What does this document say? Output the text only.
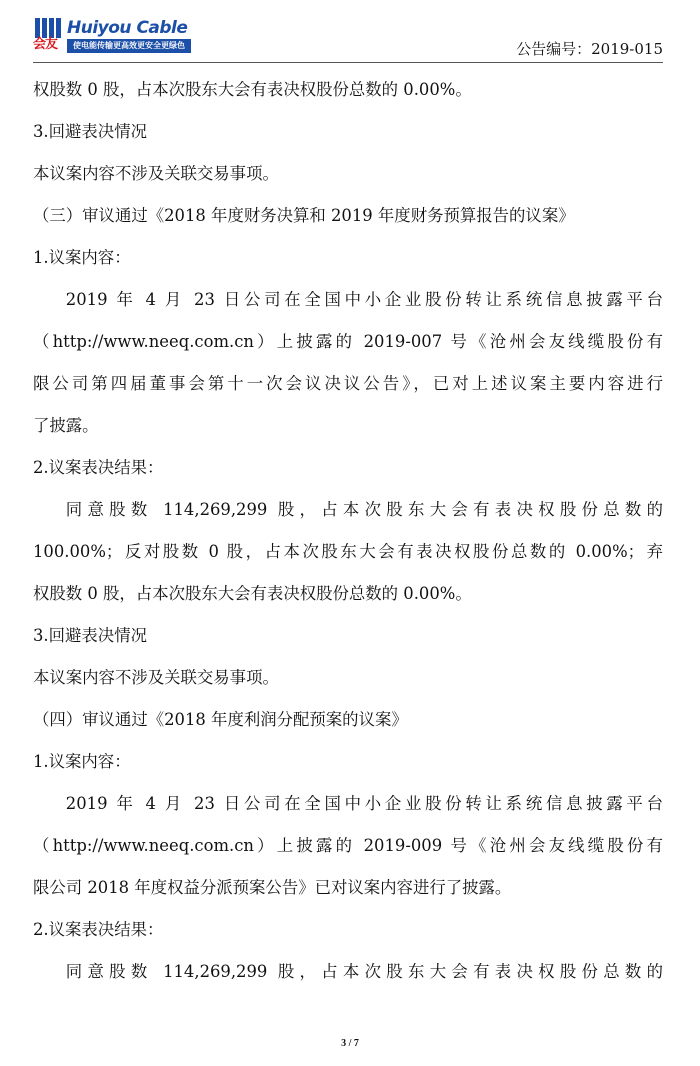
会友
Huiyou Cable
使电能传输更高效更安全更绿色	公告编号：2019-015
权股数 0 股，占本次股东大会有表决权股份总数的 0.00%。
3.回避表决情况
本议案内容不涉及关联交易事项。
（三）审议通过《2018 年度财务决算和 2019 年度财务预算报告的议案》
1.议案内容：
2019 年 4 月 23 日公司在全国中小企业股份转让系统信息披露平台
（http://www.neeq.com.cn）上披露的 2019-007 号《沧州会友线缆股份有
限公司第四届董事会第十一次会议决议公告》，已对上述议案主要内容进行
了披露。
2.议案表决结果：
同意股数 114,269,299 股，占本次股东大会有表决权股份总数的
100.00%；反对股数 0 股，占本次股东大会有表决权股份总数的 0.00%；弃
权股数 0 股，占本次股东大会有表决权股份总数的 0.00%。
3.回避表决情况
本议案内容不涉及关联交易事项。
（四）审议通过《2018 年度利润分配预案的议案》
1.议案内容：
2019 年 4 月 23 日公司在全国中小企业股份转让系统信息披露平台
（http://www.neeq.com.cn）上披露的 2019-009 号《沧州会友线缆股份有
限公司 2018 年度权益分派预案公告》已对议案内容进行了披露。
2.议案表决结果：
同意股数 114,269,299 股，占本次股东大会有表决权股份总数的
3 / 7
